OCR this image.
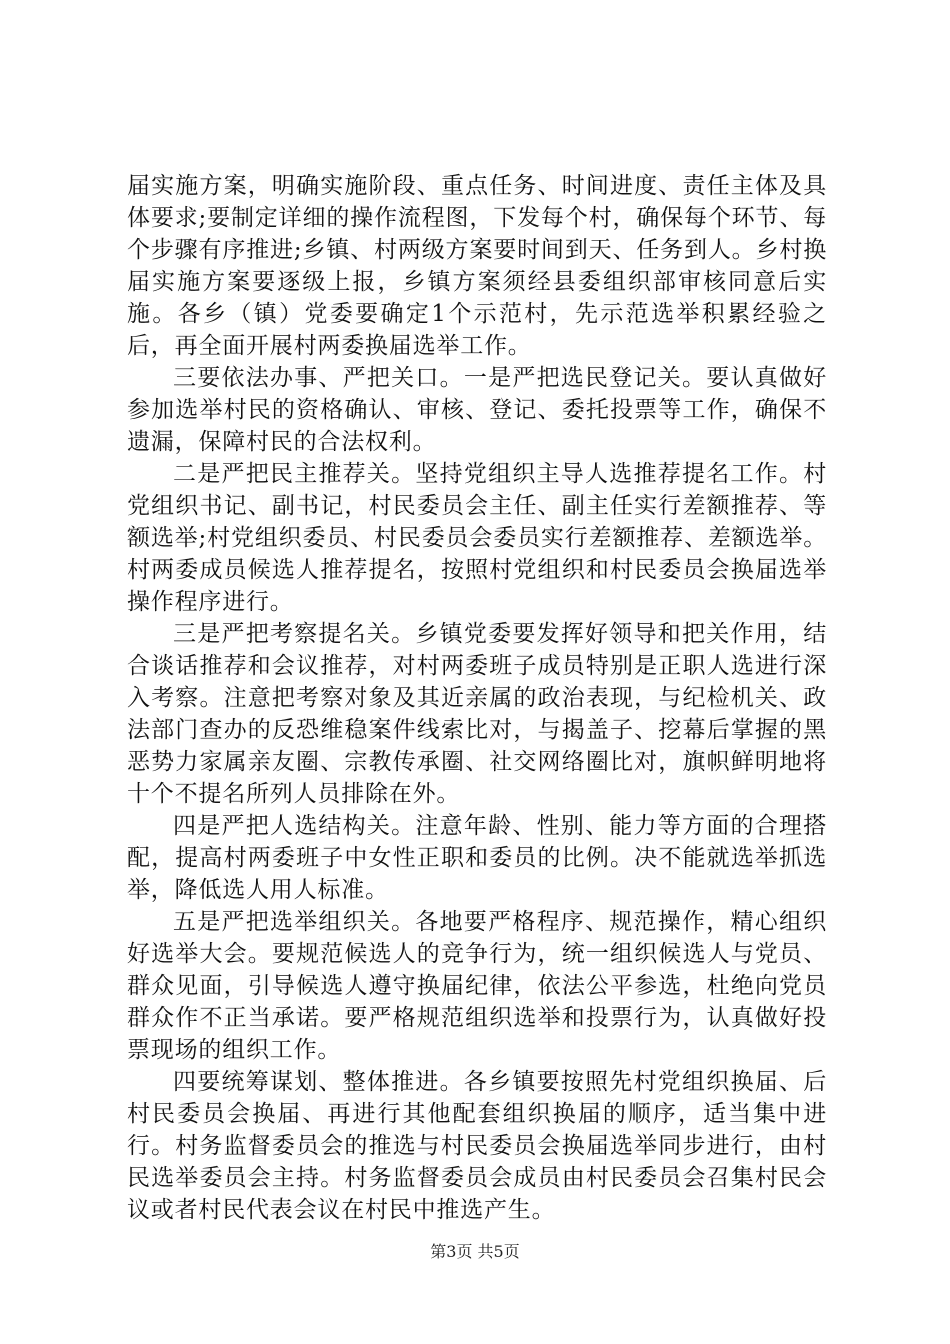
届实施方案，明确实施阶段、重点任务、时间进度、责任主体及具体要求;要制定详细的操作流程图，下发每个村，确保每个环节、每个步骤有序推进;乡镇、村两级方案要时间到天、任务到人。乡村换届实施方案要逐级上报，乡镇方案须经县委组织部审核同意后实施。各乡（镇）党委要确定1个示范村，先示范选举积累经验之后，再全面开展村两委换届选举工作。

三要依法办事、严把关口。一是严把选民登记关。要认真做好参加选举村民的资格确认、审核、登记、委托投票等工作，确保不遗漏，保障村民的合法权利。

二是严把民主推荐关。坚持党组织主导人选推荐提名工作。村党组织书记、副书记，村民委员会主任、副主任实行差额推荐、等额选举;村党组织委员、村民委员会委员实行差额推荐、差额选举。村两委成员候选人推荐提名，按照村党组织和村民委员会换届选举操作程序进行。

三是严把考察提名关。乡镇党委要发挥好领导和把关作用，结合谈话推荐和会议推荐，对村两委班子成员特别是正职人选进行深入考察。注意把考察对象及其近亲属的政治表现，与纪检机关、政法部门查办的反恐维稳案件线索比对，与揭盖子、挖幕后掌握的黑恶势力家属亲友圈、宗教传承圈、社交网络圈比对，旗帜鲜明地将十个不提名所列人员排除在外。

四是严把人选结构关。注意年龄、性别、能力等方面的合理搭配，提高村两委班子中女性正职和委员的比例。决不能就选举抓选举，降低选人用人标准。

五是严把选举组织关。各地要严格程序、规范操作，精心组织好选举大会。要规范候选人的竞争行为，统一组织候选人与党员、群众见面，引导候选人遵守换届纪律，依法公平参选，杜绝向党员群众作不正当承诺。要严格规范组织选举和投票行为，认真做好投票现场的组织工作。

四要统筹谋划、整体推进。各乡镇要按照先村党组织换届、后村民委员会换届、再进行其他配套组织换届的顺序，适当集中进行。村务监督委员会的推选与村民委员会换届选举同步进行，由村民选举委员会主持。村务监督委员会成员由村民委员会召集村民会议或者村民代表会议在村民中推选产生。

第3页 共5页
